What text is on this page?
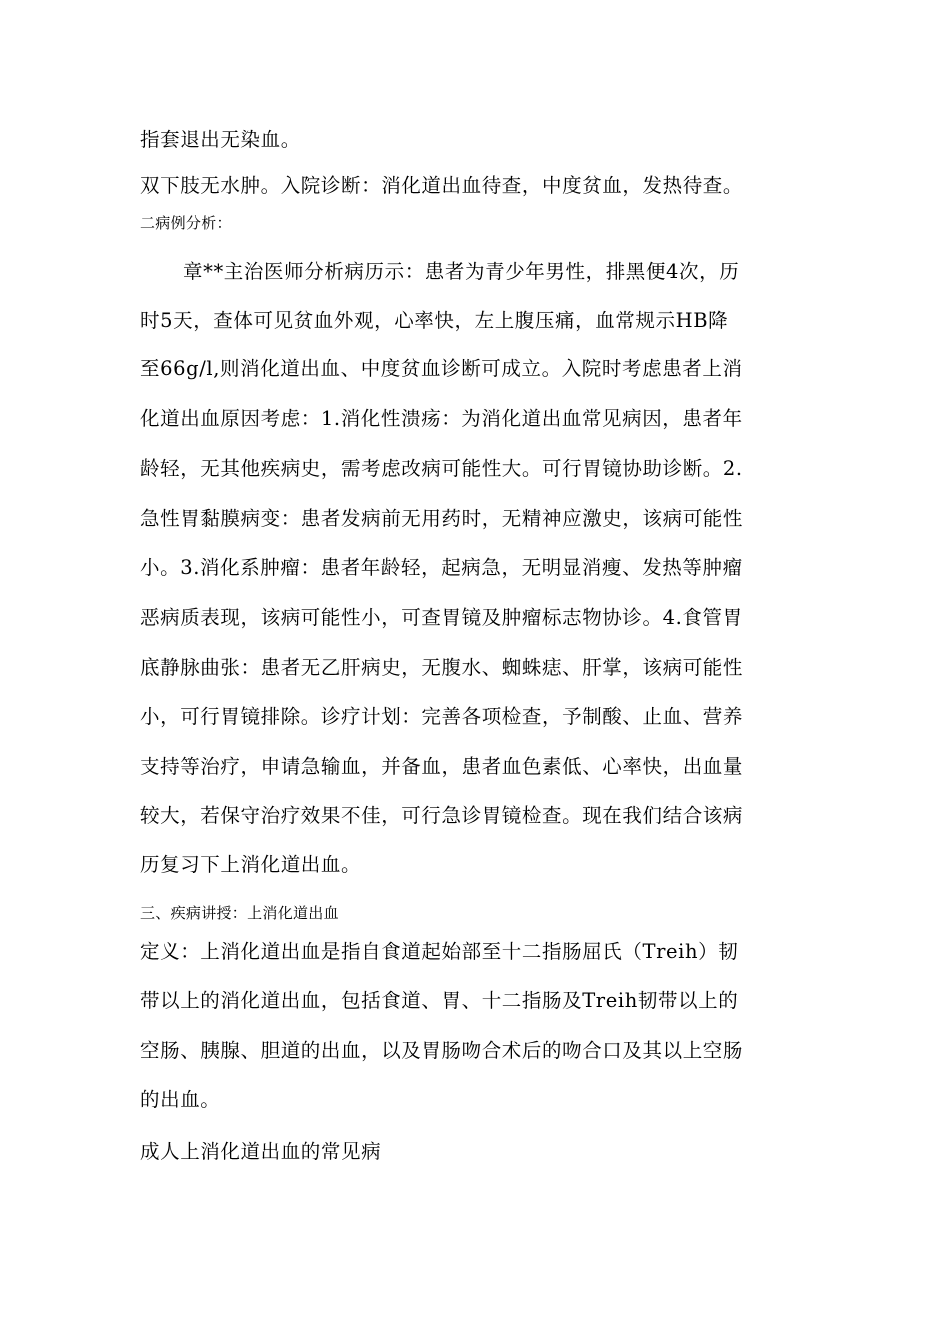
指套退出无染血。
双下肢无水肿。入院诊断：消化道出血待查，中度贫血，发热待查。
二病例分析：
章**主治医师分析病历示：患者为青少年男性，排黑便4次，历
时5天，查体可见贫血外观，心率快，左上腹压痛，血常规示HB降
至66g/l,则消化道出血、中度贫血诊断可成立。入院时考虑患者上消
化道出血原因考虑：1.消化性溃疡：为消化道出血常见病因，患者年
龄轻，无其他疾病史，需考虑改病可能性大。可行胃镜协助诊断。2.
急性胃黏膜病变：患者发病前无用药时，无精神应激史，该病可能性
小。3.消化系肿瘤：患者年龄轻，起病急，无明显消瘦、发热等肿瘤
恶病质表现，该病可能性小，可查胃镜及肿瘤标志物协诊。4.食管胃
底静脉曲张：患者无乙肝病史，无腹水、蜘蛛痣、肝掌，该病可能性
小，可行胃镜排除。诊疗计划：完善各项检查，予制酸、止血、营养
支持等治疗，申请急输血，并备血，患者血色素低、心率快，出血量
较大，若保守治疗效果不佳，可行急诊胃镜检查。现在我们结合该病
历复习下上消化道出血。
三、疾病讲授：上消化道出血
定义：上消化道出血是指自食道起始部至十二指肠屈氏（Treih）韧
带以上的消化道出血，包括食道、胃、十二指肠及Treih韧带以上的
空肠、胰腺、胆道的出血，以及胃肠吻合术后的吻合口及其以上空肠
的出血。
成人上消化道出血的常见病
